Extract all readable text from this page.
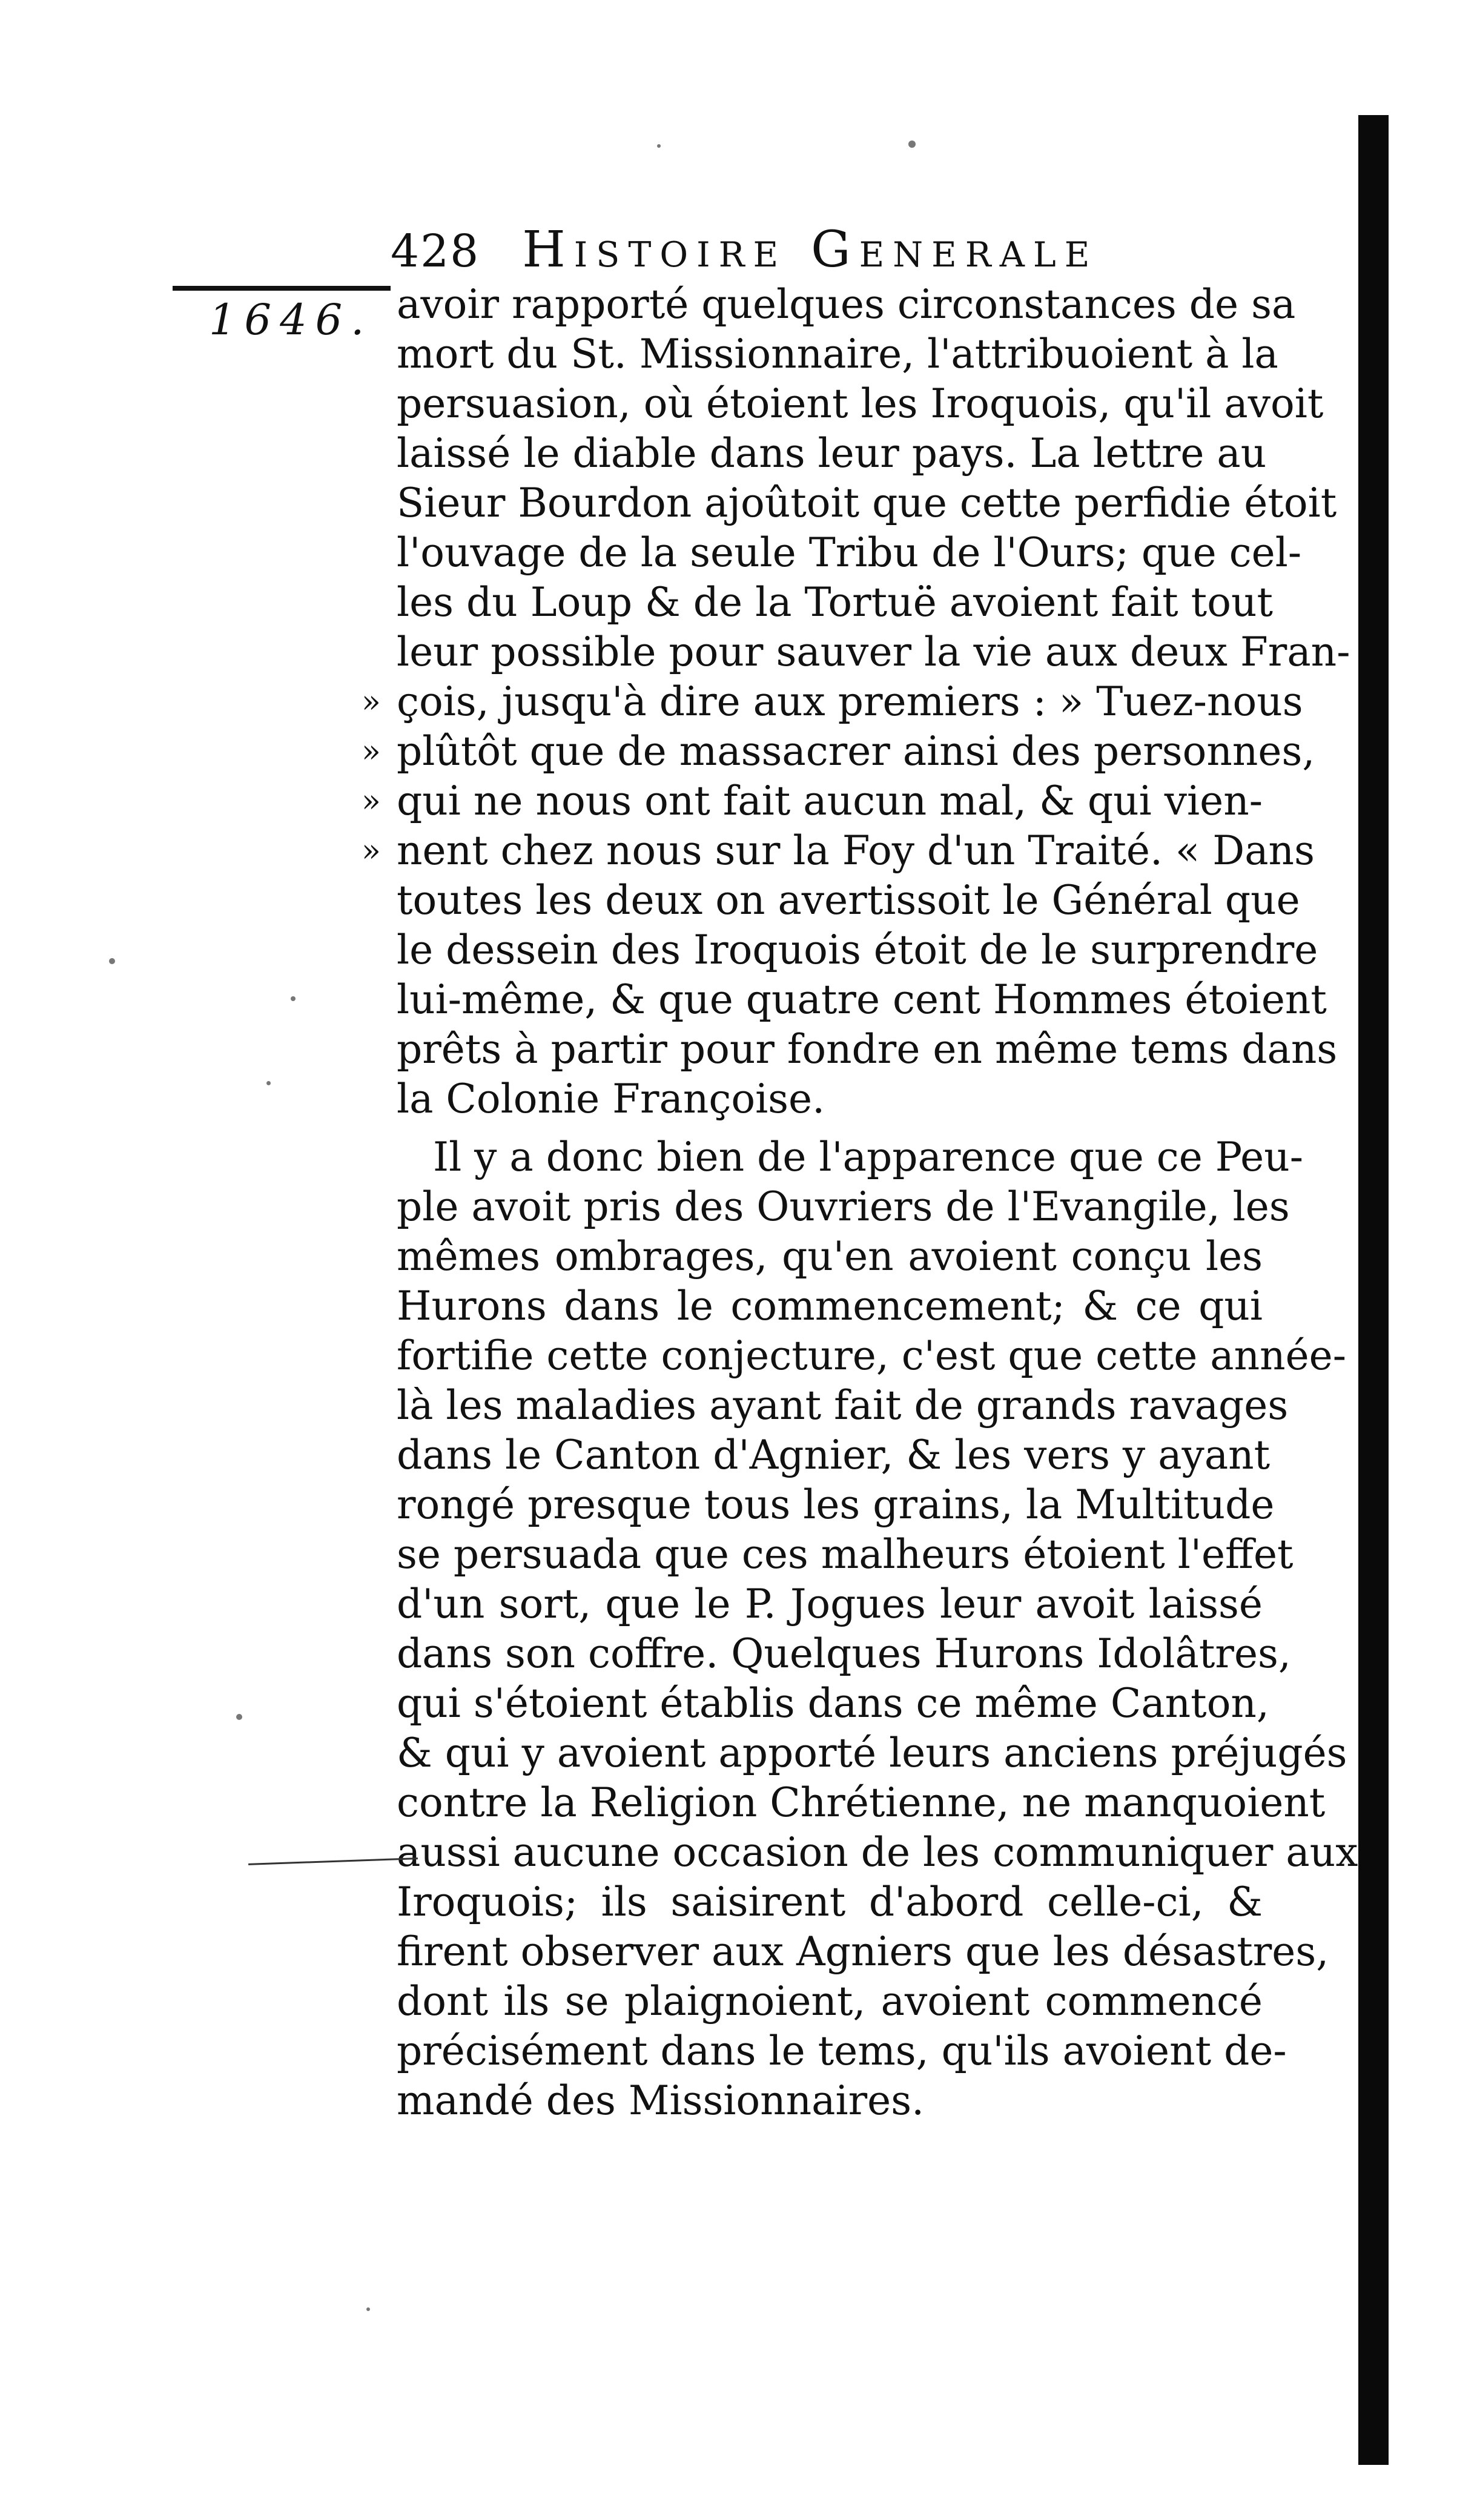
428 Histoire Generale
1646. avoir rapporté quelques circonstances de sa
mort du St. Missionnaire, l'attribuoient à la
persuasion, où étoient les Iroquois, qu'il avoit
laissé le diable dans leur pays. La lettre au
Sieur Bourdon ajoûtoit que cette perfidie étoit
l'ouvage de la seule Tribu de l'Ours; que cel-
les du Loup & de la Tortuë avoient fait tout
leur possible pour sauver la vie aux deux Fran-
» çois, jusqu'à dire aux premiers : » Tuez-nous
» plûtôt que de massacrer ainsi des personnes,
» qui ne nous ont fait aucun mal, & qui vien-
» nent chez nous sur la Foy d'un Traité. « Dans
toutes les deux on avertissoit le Général que
le dessein des Iroquois étoit de le surprendre
lui-même, & que quatre cent Hommes étoient
prêts à partir pour fondre en même tems dans
la Colonie Françoise.
Il y a donc bien de l'apparence que ce Peu-
ple avoit pris des Ouvriers de l'Evangile, les
mêmes ombrages, qu'en avoient conçu les
Hurons dans le commencement; & ce qui
fortifie cette conjecture, c'est que cette année-
là les maladies ayant fait de grands ravages
dans le Canton d'Agnier, & les vers y ayant
rongé presque tous les grains, la Multitude
se persuada que ces malheurs étoient l'effet
d'un sort, que le P. Jogues leur avoit laissé
dans son coffre. Quelques Hurons Idolâtres,
qui s'étoient établis dans ce même Canton,
& qui y avoient apporté leurs anciens préjugés
contre la Religion Chrétienne, ne manquoient
aussi aucune occasion de les communiquer aux
Iroquois; ils saisirent d'abord celle-ci, &
firent observer aux Agniers que les désastres,
dont ils se plaignoient, avoient commencé
précisément dans le tems, qu'ils avoient de-
mandé des Missionnaires.
